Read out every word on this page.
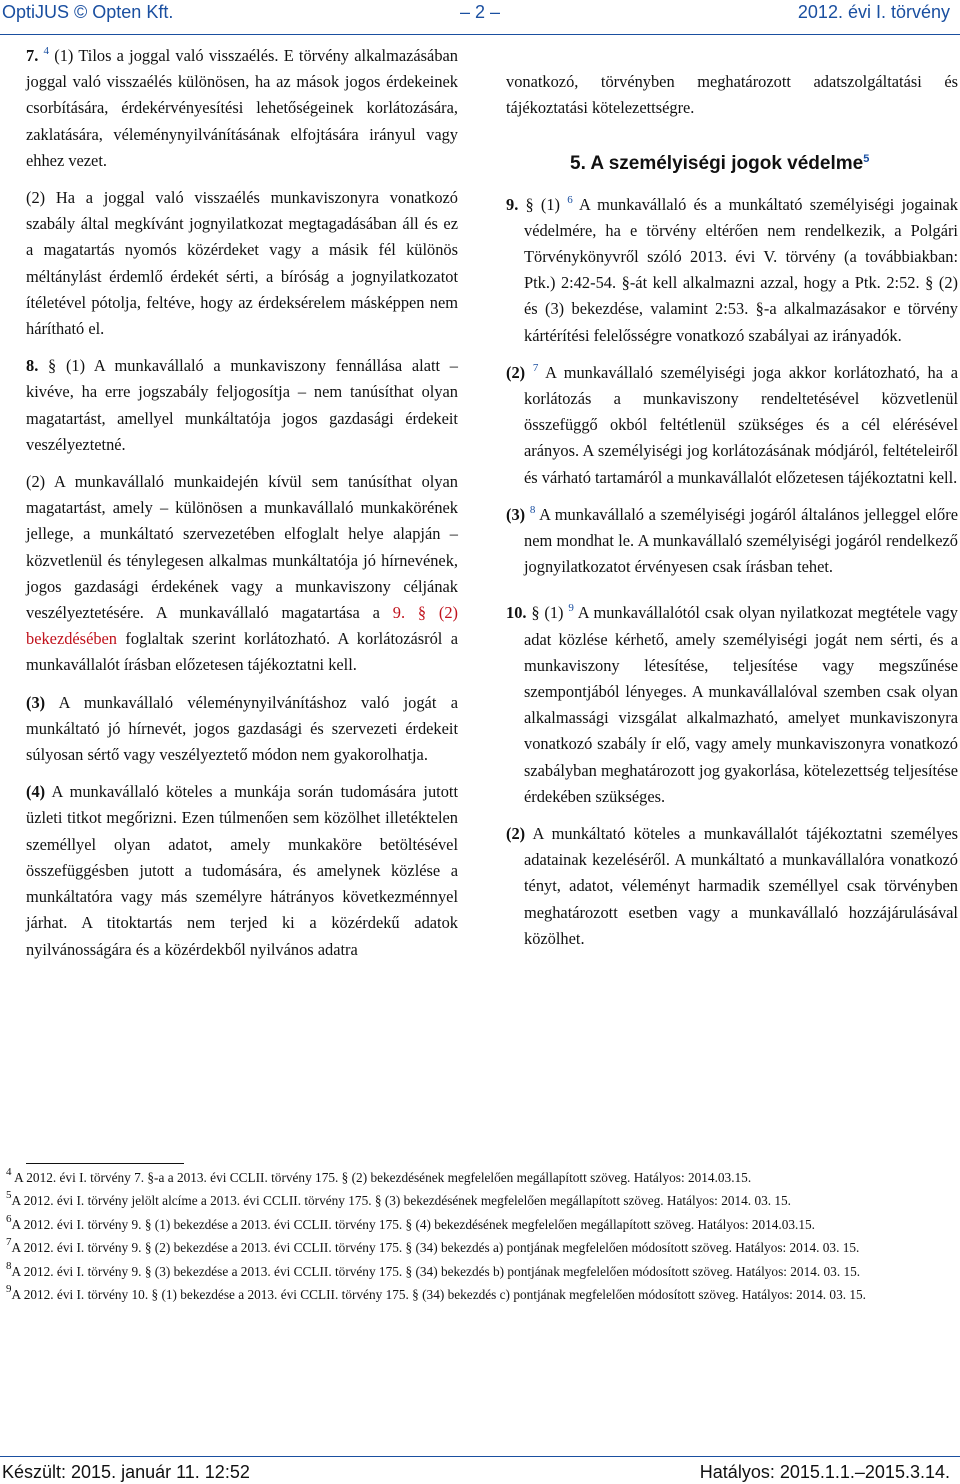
OptiJUS © Opten Kft.	– 2 –	2012. évi I. törvény

7. $^4$ (1) Tilos a joggal való visszaélés. E törvény alkalmazásában joggal való visszaélés különösen, ha az mások jogos érdekeinek csorbítására, érdekérvényesítési lehetőségeinek korlátozására, zaklatására, véleménynyilvánításának elfojtására irányul vagy ehhez vezet.

(2) Ha a joggal való visszaélés munkaviszonyra vonatkozó szabály által megkívánt jognyilatkozat megtagadásában áll és ez a magatartás nyomós közérdeket vagy a másik fél különös méltánylást érdemlő érdekét sérti, a bíróság a jognyilatkozatot ítéletével pótolja, feltéve, hogy az érdeksérelem másképpen nem hárítható el.

8. § (1) A munkavállaló a munkaviszony fennállása alatt – kivéve, ha erre jogszabály feljogosítja – nem tanúsíthat olyan magatartást, amellyel munkáltatója jogos gazdasági érdekeit veszélyeztetné.

(2) A munkavállaló munkaidején kívül sem tanúsíthat olyan magatartást, amely – különösen a munkavállaló munkakörének jellege, a munkáltató szervezetében elfoglalt helye alapján – közvetlenül és ténylegesen alkalmas munkáltatója jó hírnevének, jogos gazdasági érdekének vagy a munkaviszony céljának veszélyeztetésére. A munkavállaló magatartása a 9. § (2) bekezdésében foglaltak szerint korlátozható. A korlátozásról a munkavállalót írásban előzetesen tájékoztatni kell.

(3) A munkavállaló véleménynyilvánításhoz való jogát a munkáltató jó hírnevét, jogos gazdasági és szervezeti érdekeit súlyosan sértő vagy veszélyeztető módon nem gyakorolhatja.

(4) A munkavállaló köteles a munkája során tudomására jutott üzleti titkot megőrizni. Ezen túlmenően sem közölhet illetéktelen személlyel olyan adatot, amely munkaköre betöltésével összefüggésben jutott a tudomására, és amelynek közlése a munkáltatóra vagy más személyre hátrányos következménnyel járhat. A titoktartás nem terjed ki a közérdekű adatok nyilvánosságára és a közérdekből nyilvános adatra

vonatkozó, törvényben meghatározott adatszolgáltatási és tájékoztatási kötelezettségre.

5. A személyiségi jogok védelme$^5$

9. § (1) $^6$ A munkavállaló és a munkáltató személyiségi jogainak védelmére, ha e törvény eltérően nem rendelkezik, a Polgári Törvénykönyvről szóló 2013. évi V. törvény (a továbbiakban: Ptk.) 2:42-54. §-át kell alkalmazni azzal, hogy a Ptk. 2:52. § (2) és (3) bekezdése, valamint 2:53. §-a alkalmazásakor e törvény kártérítési felelősségre vonatkozó szabályai az irányadók.

(2) $^7$ A munkavállaló személyiségi joga akkor korlátozható, ha a korlátozás a munkaviszony rendeltetésével közvetlenül összefüggő okból feltétlenül szükséges és a cél elérésével arányos. A személyiségi jog korlátozásának módjáról, feltételeiről és várható tartamáról a munkavállalót előzetesen tájékoztatni kell.

(3) $^8$ A munkavállaló a személyiségi jogáról általános jelleggel előre nem mondhat le. A munkavállaló személyiségi jogáról rendelkező jognyilatkozatot érvényesen csak írásban tehet.

10. § (1) $^9$ A munkavállalótól csak olyan nyilatkozat megtétele vagy adat közlése kérhető, amely személyiségi jogát nem sérti, és a munkaviszony létesítése, teljesítése vagy megszűnése szempontjából lényeges. A munkavállalóval szemben csak olyan alkalmassági vizsgálat alkalmazható, amelyet munkaviszonyra vonatkozó szabály ír elő, vagy amely munkaviszonyra vonatkozó szabályban meghatározott jog gyakorlása, kötelezettség teljesítése érdekében szükséges.

(2) A munkáltató köteles a munkavállalót tájékoztatni személyes adatainak kezeléséről. A munkáltató a munkavállalóra vonatkozó tényt, adatot, véleményt harmadik személlyel csak törvényben meghatározott esetben vagy a munkavállaló hozzájárulásával közölhet.

$^4$ A 2012. évi I. törvény 7. §-a a 2013. évi CCLII. törvény 175. § (2) bekezdésének megfelelően megállapított szöveg. Hatályos: 2014.03.15.

$^5$A 2012. évi I. törvény jelölt alcíme a 2013. évi CCLII. törvény 175. § (3) bekezdésének megfelelően megállapított szöveg. Hatályos: 2014. 03. 15.

$^6$A 2012. évi I. törvény 9. § (1) bekezdése a 2013. évi CCLII. törvény 175. § (4) bekezdésének megfelelően megállapított szöveg. Hatályos: 2014.03.15.

$^7$A 2012. évi I. törvény 9. § (2) bekezdése a 2013. évi CCLII. törvény 175. § (34) bekezdés a) pontjának megfelelően módosított szöveg. Hatályos: 2014. 03. 15.

$^8$A 2012. évi I. törvény 9. § (3) bekezdése a 2013. évi CCLII. törvény 175. § (34) bekezdés b) pontjának megfelelően módosított szöveg. Hatályos: 2014. 03. 15.

$^9$A 2012. évi I. törvény 10. § (1) bekezdése a 2013. évi CCLII. törvény 175. § (34) bekezdés c) pontjának megfelelően módosított szöveg. Hatályos: 2014. 03. 15.

Készült: 2015. január 11. 12:52	Hatályos: 2015.1.1.–2015.3.14.
